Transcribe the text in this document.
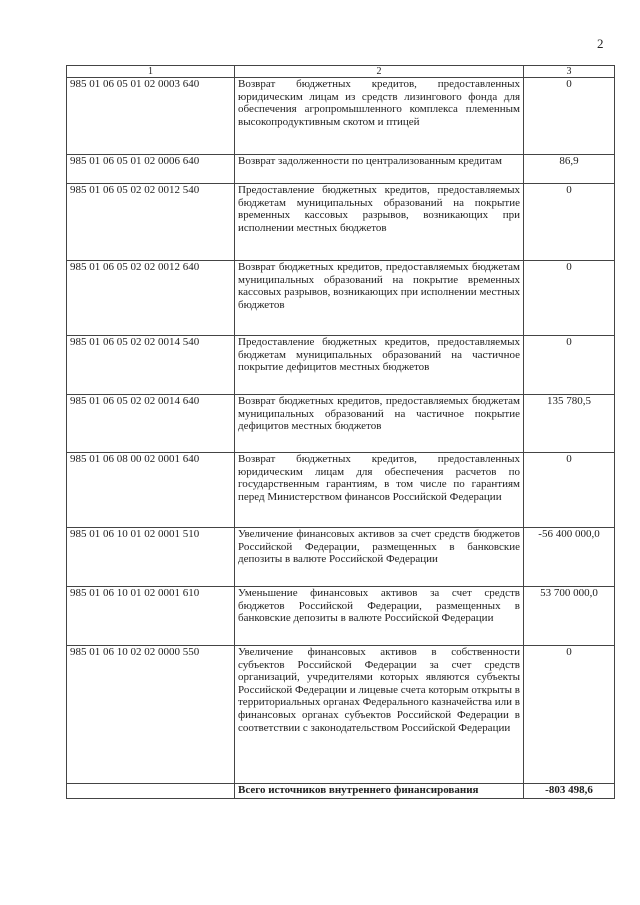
2
1	2	3
985 01 06 05 01 02 0003 640	Возврат бюджетных кредитов, предоставленных юридическим лицам из средств лизингового фонда для обеспечения агропромышленного комплекса племенным высокопродуктивным скотом и птицей	0
985 01 06 05 01 02 0006 640	Возврат задолженности по централизованным кредитам	86,9
985 01 06 05 02 02 0012 540	Предоставление бюджетных кредитов, предоставляемых бюджетам муниципальных образований на покрытие временных кассовых разрывов, возникающих при исполнении местных бюджетов	0
985 01 06 05 02 02 0012 640	Возврат бюджетных кредитов, предоставляемых бюджетам муниципальных образований на покрытие временных кассовых разрывов, возникающих при исполнении местных бюджетов	0
985 01 06 05 02 02 0014 540	Предоставление бюджетных кредитов, предоставляемых бюджетам муниципальных образований на частичное покрытие дефицитов местных бюджетов	0
985 01 06 05 02 02 0014 640	Возврат бюджетных кредитов, предоставляемых бюджетам муниципальных образований на частичное покрытие дефицитов местных бюджетов	135 780,5
985 01 06 08 00 02 0001 640	Возврат бюджетных кредитов, предоставленных юридическим лицам для обеспечения расчетов по государственным гарантиям, в том числе по гарантиям перед Министерством финансов Российской Федерации	0
985 01 06 10 01 02 0001 510	Увеличение финансовых активов за счет средств бюджетов Российской Федерации, размещенных в банковские депозиты в валюте Российской Федерации	-56 400 000,0
985 01 06 10 01 02 0001 610	Уменьшение финансовых активов за счет средств бюджетов Российской Федерации, размещенных в банковские депозиты в валюте Российской Федерации	53 700 000,0
985 01 06 10 02 02 0000 550	Увеличение финансовых активов в собственности субъектов Российской Федерации за счет средств организаций, учредителями которых являются субъекты Российской Федерации и лицевые счета которым открыты в территориальных органах Федерального казначейства или в финансовых органах субъектов Российской Федерации в соответствии с законодательством Российской Федерации	0
	Всего источников внутреннего финансирования	-803 498,6
